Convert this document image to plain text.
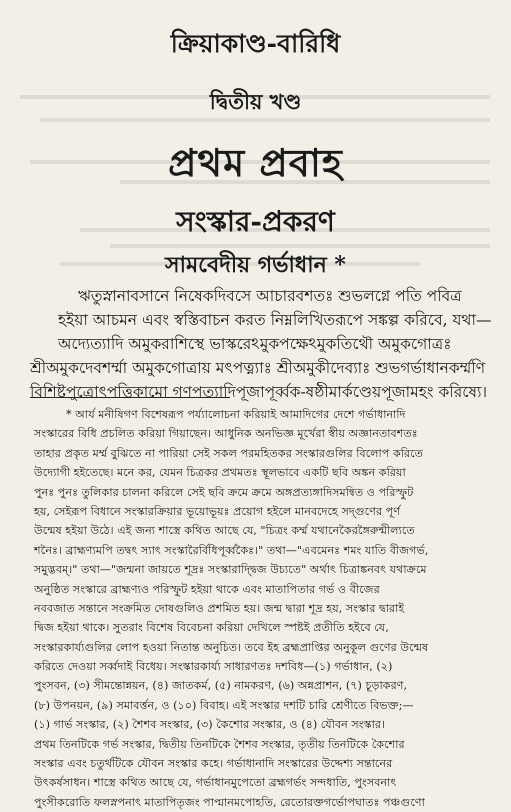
ক্রিয়াকাণ্ড-বারিধি
দ্বিতীয় খণ্ড
প্রথম প্রবাহ
সংস্কার-প্রকরণ
সামবেদীয় গর্ভাধান *
ঋতুস্নানাবসানে নিষেকদিবসে আচারবশতঃ শুভলগ্নে পতি পবিত্র
হইয়া আচমন এবং স্বস্তিবাচন করত নিম্নলিখিতরূপে সঙ্কল্প করিবে, যথা—
অদ্যেত্যাদি অমুকরাশিস্থে ভাস্করেঽমুকপক্ষেঽমুকতিথৌ অমুকগোত্রঃ
শ্রীঅমুকদেবশর্ম্মা অমুকগোত্রায় মৎপত্ন্যাঃ শ্রীঅমুকীদেব্যাঃ শুভগর্ভাধানকর্ম্মণি
বিশিষ্টপুত্রোৎপত্তিকামো গণপত্যাদিপূজাপূর্ব্বক-ষষ্ঠীমার্কণ্ডেয়পূজামহং করিষ্যে।
* আর্য মনীষিগণ বিশেষরূপ পর্য্যালোচনা করিয়াই আমাদিগের দেশে গর্ভাধানাদি
সংস্কারের বিধি প্রচলিত করিয়া গিয়াছেন। আধুনিক অনভিজ্ঞ মূর্খেরা স্বীয় অজ্ঞানতাবশতঃ
তাহার প্রকৃত মর্ম্ম বুঝিতে না পারিয়া সেই সকল পরমহিতকর সংস্কারগুলির বিলোপ করিতে
উদ্যোগী হইতেছে। মনে কর, যেমন চিত্রকর প্রথমতঃ স্থূলভাবে একটি ছবি অঙ্কন করিয়া
পুনঃ পুনঃ তুলিকার চালনা করিলে সেই ছবি ক্রমে ক্রমে অঙ্গপ্রত্যঙ্গাদিসমন্বিত ও পরিস্ফুট
হয়, সেইরূপ বিধানে সংস্কারক্রিয়ার ভূয়োভূয়ঃ প্রয়োগ হইলে মানবদেহে সদ্‌গুণের পূর্ণ
উন্মেষ হইয়া উঠে। এই জন্য শাস্ত্রে কথিত আছে যে, "চিত্রং কর্ম্ম যথানেকৈরঙ্গৈরুন্মীল্যতে
শনৈঃ। ব্রাহ্মণ্যমপি তদ্বৎ স্যাৎ সংস্কারৈর্বিধিপূর্ব্বকৈঃ।" তথা—"এবমেনঃ শমং যাতি বীজগর্ভ,
সমুদ্ভবম্।" তথা—"জন্মনা জায়তে শূদ্রঃ সংস্কারাদ্দ্বিজ উচ্যতে" অর্থাৎ চিত্রাঙ্কনবৎ যথাক্রমে
অনুষ্ঠিত সংস্কারে ব্রাহ্মণ্যও পরিস্ফুট হইয়া থাকে এবং মাতাপিতার গর্ভ ও বীজের
নববজাত সন্তানে সংক্রমিত দোষগুলিও প্রশমিত হয়। জন্ম দ্বারা শূদ্র হয়, সংস্কার দ্বারাই
দ্বিজ হইয়া থাকে। সুতরাং বিশেষ বিবেচনা করিয়া দেখিলে স্পষ্টই প্রতীতি হইবে যে,
সংস্কারকার্য্যগুলির লোপ হওয়া নিতান্ত অনুচিত। তবে ইহ ব্রহ্মপ্রাপ্তির অনুকূল গুণের উন্মেষ
করিতে দেওয়া সর্ব্বদাই বিধেয়। সংস্কারকার্য্য সাধারণতঃ দশবিধ—(১) গর্ভাধান, (২)
পুংসবন, (৩) সীমন্তোন্নয়ন, (৪) জাতকর্ম, (৫) নামকরণ, (৬) অন্নপ্রাশন, (৭) চূড়াকরণ,
(৮) উপনয়ন, (৯) সমাবর্ত্তন, ও (১০) বিবাহ। এই সংস্কার দশটি চারি শ্রেণীতে বিভক্ত;—
(১) গার্ভ সংস্কার, (২) শৈশব সংস্কার, (৩) কৈশোর সংস্কার, ও (৪) যৌবন সংস্কার।
প্রথম তিনটিকে গর্ভ সংস্কার, দ্বিতীয় তিনটিকে শৈশব সংস্কার, তৃতীয় তিনটিকে কৈশোর
সংস্কার এবং চতুর্থটিকে যৌবন সংস্কার কহে। গর্ভাধানাদি সংস্কারের উদ্দেশ্য সন্তানের
উৎকর্ষসাধন। শাস্ত্রে কথিত আছে যে, গর্ভাধানমুপেতো ব্রহ্মগর্ভং সন্দধাতি, পুংসবনাৎ
পুংসীকরোতি ফলস্নপনাৎ মাতাপিতৃজং পাপ্মানমপোহতি, রেতোরক্তগর্ভোপঘাতঃ পঞ্চগুণো
